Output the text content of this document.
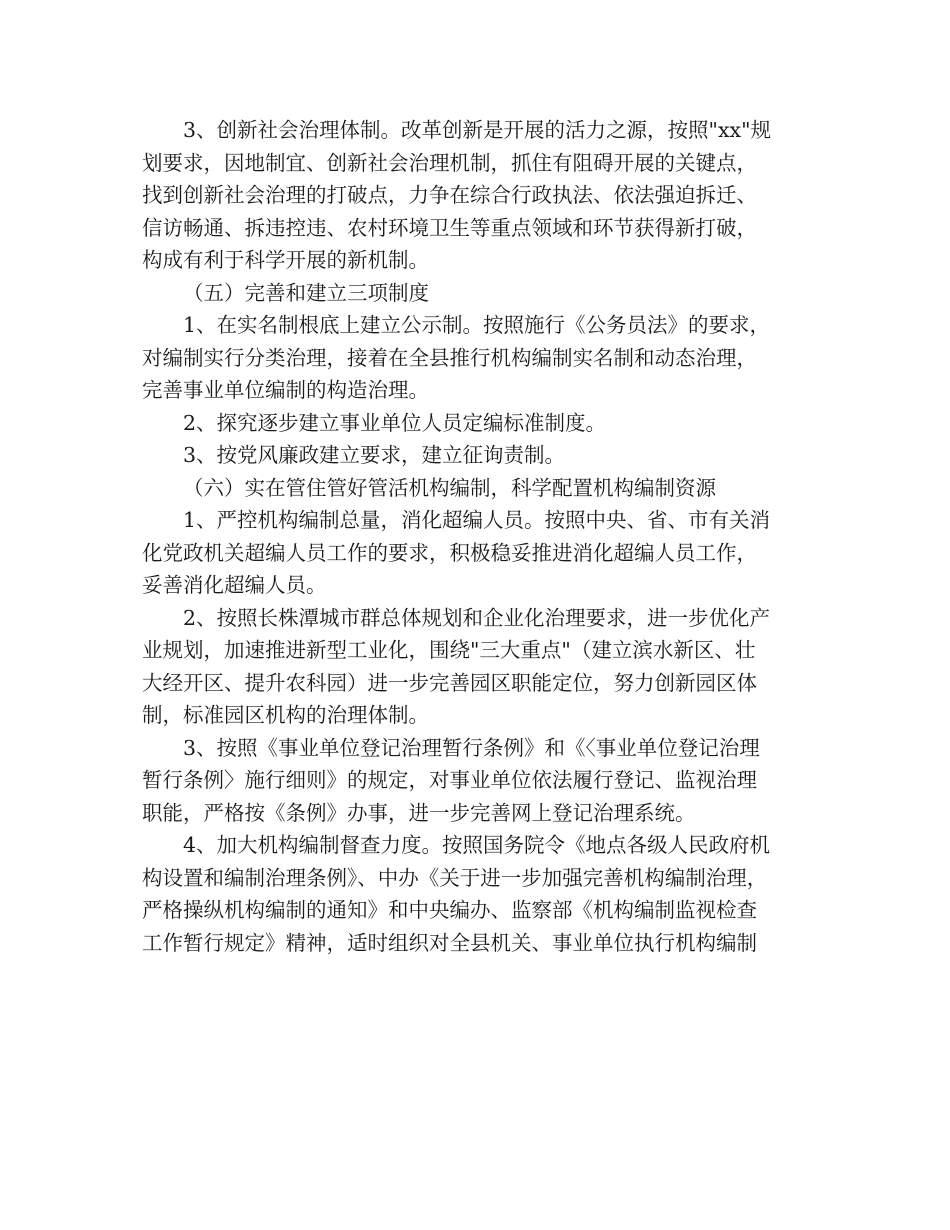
3、创新社会治理体制。改革创新是开展的活力之源，按照"xx"规
划要求，因地制宜、创新社会治理机制，抓住有阻碍开展的关键点，
找到创新社会治理的打破点，力争在综合行政执法、依法强迫拆迁、
信访畅通、拆违控违、农村环境卫生等重点领域和环节获得新打破，
构成有利于科学开展的新机制。
（五）完善和建立三项制度
1、在实名制根底上建立公示制。按照施行《公务员法》的要求，
对编制实行分类治理，接着在全县推行机构编制实名制和动态治理，
完善事业单位编制的构造治理。
2、探究逐步建立事业单位人员定编标准制度。
3、按党风廉政建立要求，建立征询责制。
（六）实在管住管好管活机构编制，科学配置机构编制资源
1、严控机构编制总量，消化超编人员。按照中央、省、市有关消
化党政机关超编人员工作的要求，积极稳妥推进消化超编人员工作，
妥善消化超编人员。
2、按照长株潭城市群总体规划和企业化治理要求，进一步优化产
业规划，加速推进新型工业化，围绕"三大重点"（建立滨水新区、壮
大经开区、提升农科园）进一步完善园区职能定位，努力创新园区体
制，标准园区机构的治理体制。
3、按照《事业单位登记治理暂行条例》和《〈事业单位登记治理
暂行条例〉施行细则》的规定，对事业单位依法履行登记、监视治理
职能，严格按《条例》办事，进一步完善网上登记治理系统。
4、加大机构编制督查力度。按照国务院令《地点各级人民政府机
构设置和编制治理条例》、中办《关于进一步加强完善机构编制治理，
严格操纵机构编制的通知》和中央编办、监察部《机构编制监视检查
工作暂行规定》精神，适时组织对全县机关、事业单位执行机构编制
